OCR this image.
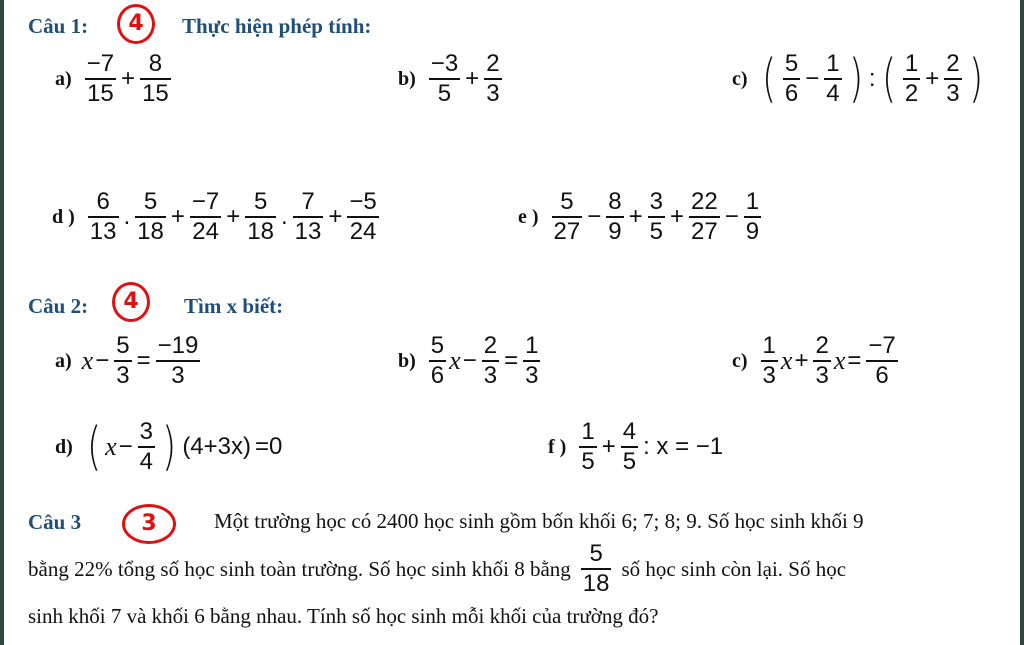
Câu 1:	4	Thực hiện phép tính:
$a) \frac{-7}{15} + \frac{8}{15}$	$b) \frac{-3}{5} + \frac{2}{3}$	c) ( $\frac{5}{6} - \frac{1}{4}$ ) : ( $\frac{1}{2} + \frac{2}{3}$ )
d ) $\frac{6}{13}$ . $\frac{5}{18} + \frac{-7}{24} + \frac{5}{18}$ . $\frac{7}{13} + \frac{-5}{24}$	e ) $\frac{5}{27} - \frac{8}{9} + \frac{3}{5} + \frac{22}{27} - \frac{1}{9}$
Câu 2:	4	Tìm x biết:
a) $x - \frac{5}{3} = \frac{-19}{3}$	$b) \frac{5}{6}$ $x - \frac{2}{3} = \frac{1}{3}$	$c) \frac{1}{3}$ $x + \frac{2}{3}$ $x = \frac{-7}{6}$
d) ( $x - \frac{3}{4}$ ) (4+3x) =0	f ) $\frac{1}{5} + \frac{4}{5}$ : x = −1
Câu 3	3	Một trường học có 2400 học sinh gồm bốn khối 6; 7; 8; 9. Số học sinh khối 9
bằng 22% tổng số học sinh toàn trường. Số học sinh khối 8 bằng $\frac{5}{18}$ số học sinh còn lại. Số học
sinh khối 7 và khối 6 bằng nhau. Tính số học sinh mỗi khối của trường đó?
